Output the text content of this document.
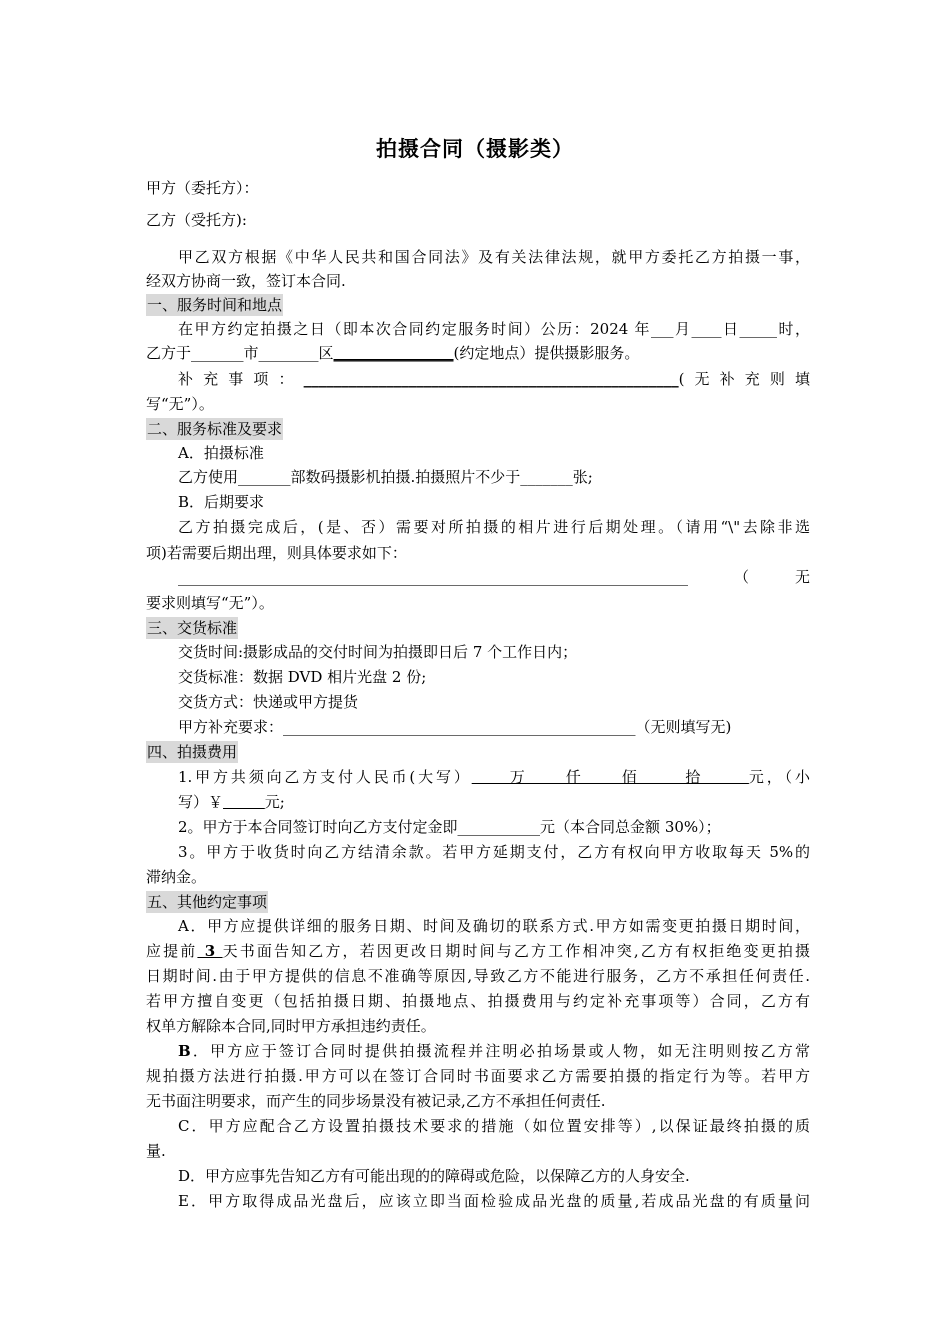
拍摄合同（摄影类）
甲方（委托方）：
乙方（受托方):
甲乙双方根据《中华人民共和国合同法》及有关法律法规，就甲方委托乙方拍摄一事，
经双方协商一致，签订本合同.
一、服务时间和地点
在甲方约定拍摄之日（即本次合同约定服务时间）公历：2024 年___月____日_____时，
乙方于_______市________区________________(约定地点）提供摄影服务。
补充事项：__________________________________________________(无补充则填
写“无”）。
二、服务标准及要求
A．拍摄标准
乙方使用_______部数码摄影机拍摄.拍摄照片不少于_______张;
B．后期要求
乙方拍摄完成后，(是、否）需要对所拍摄的相片进行后期处理。（请用“\"去除非选
项)若需要后期出理，则具体要求如下：
____________________________________________________________________（无
要求则填写“无”）。
三、交货标准
交货时间:摄影成品的交付时间为拍摄即日后 7 个工作日内；
交货标准：数据 DVD 相片光盘 2 份;
交货方式：快递或甲方提货
甲方补充要求：_______________________________________________（无则填写无)
四、拍摄费用
1.甲方共须向乙方支付人民币(大写）     万     仟     佰      拾      元，（小
写）￥	元;
2。甲方于本合同签订时向乙方支付定金即___________元（本合同总金额 30%）；
3。甲方于收货时向乙方结清余款。若甲方延期支付，乙方有权向甲方收取每天 5%的
滞纳金。
五、其他约定事项
A．甲方应提供详细的服务日期、时间及确切的联系方式.甲方如需变更拍摄日期时间，
应提前 3 天书面告知乙方，若因更改日期时间与乙方工作相冲突,乙方有权拒绝变更拍摄
日期时间.由于甲方提供的信息不准确等原因,导致乙方不能进行服务，乙方不承担任何责任.
若甲方擅自变更（包括拍摄日期、拍摄地点、拍摄费用与约定补充事项等）合同，乙方有
权单方解除本合同,同时甲方承担违约责任。
B．甲方应于签订合同时提供拍摄流程并注明必拍场景或人物，如无注明则按乙方常
规拍摄方法进行拍摄.甲方可以在签订合同时书面要求乙方需要拍摄的指定行为等。若甲方
无书面注明要求，而产生的同步场景没有被记录,乙方不承担任何责任.
C．甲方应配合乙方设置拍摄技术要求的措施（如位置安排等）,以保证最终拍摄的质
量.
D．甲方应事先告知乙方有可能出现的的障碍或危险，以保障乙方的人身安全.
E．甲方取得成品光盘后，应该立即当面检验成品光盘的质量,若成品光盘的有质量问
